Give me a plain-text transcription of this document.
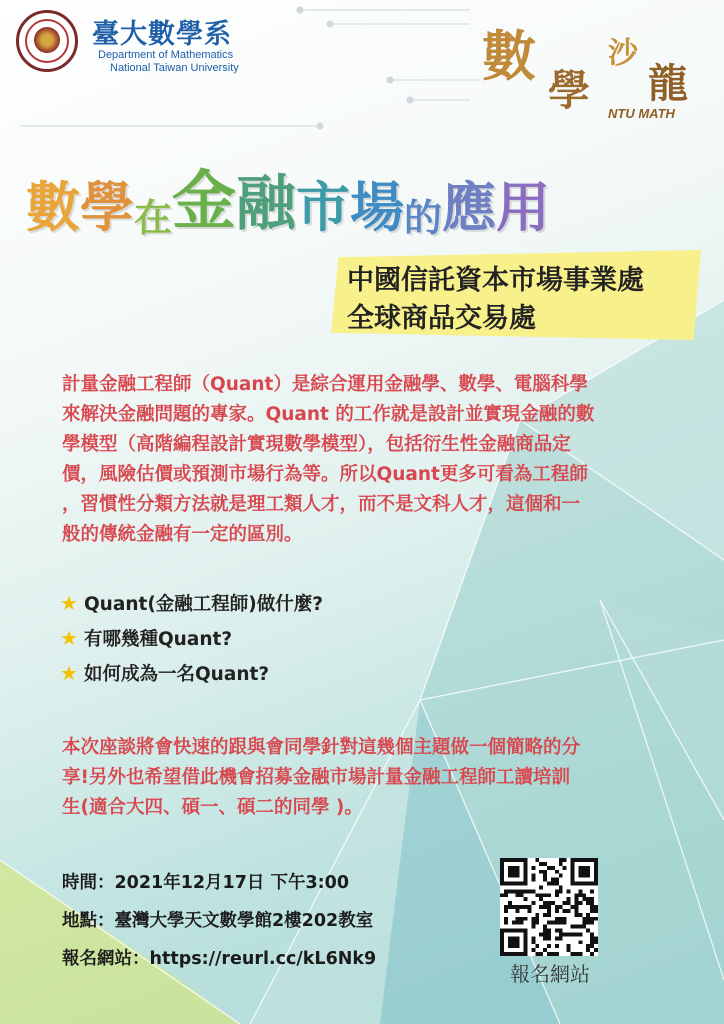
臺大數學系
Department of Mathematics
National Taiwan University	數
學
沙
龍
NTU MATH
數學在金融市場的應用
中國信託資本市場事業處
全球商品交易處
計量金融工程師（Quant）是綜合運用金融學、數學、電腦科學
來解決金融問題的專家。Quant 的工作就是設計並實現金融的數
學模型（高階編程設計實現數學模型），包括衍生性金融商品定
價，風險估價或預測市場行為等。所以Quant更多可看為工程師
，習慣性分類方法就是理工類人才，而不是文科人才，這個和一
般的傳統金融有一定的區別。
★ Quant(金融工程師)做什麼?
★ 有哪幾種Quant?
★ 如何成為一名Quant?
本次座談將會快速的跟與會同學針對這幾個主題做一個簡略的分
享!另外也希望借此機會招募金融市場計量金融工程師工讀培訓
生(適合大四、碩一、碩二的同學 )。
時間：2021年12月17日 下午3:00
地點：臺灣大學天文數學館2樓202教室
報名網站：https://reurl.cc/kL6Nk9
報名網站
